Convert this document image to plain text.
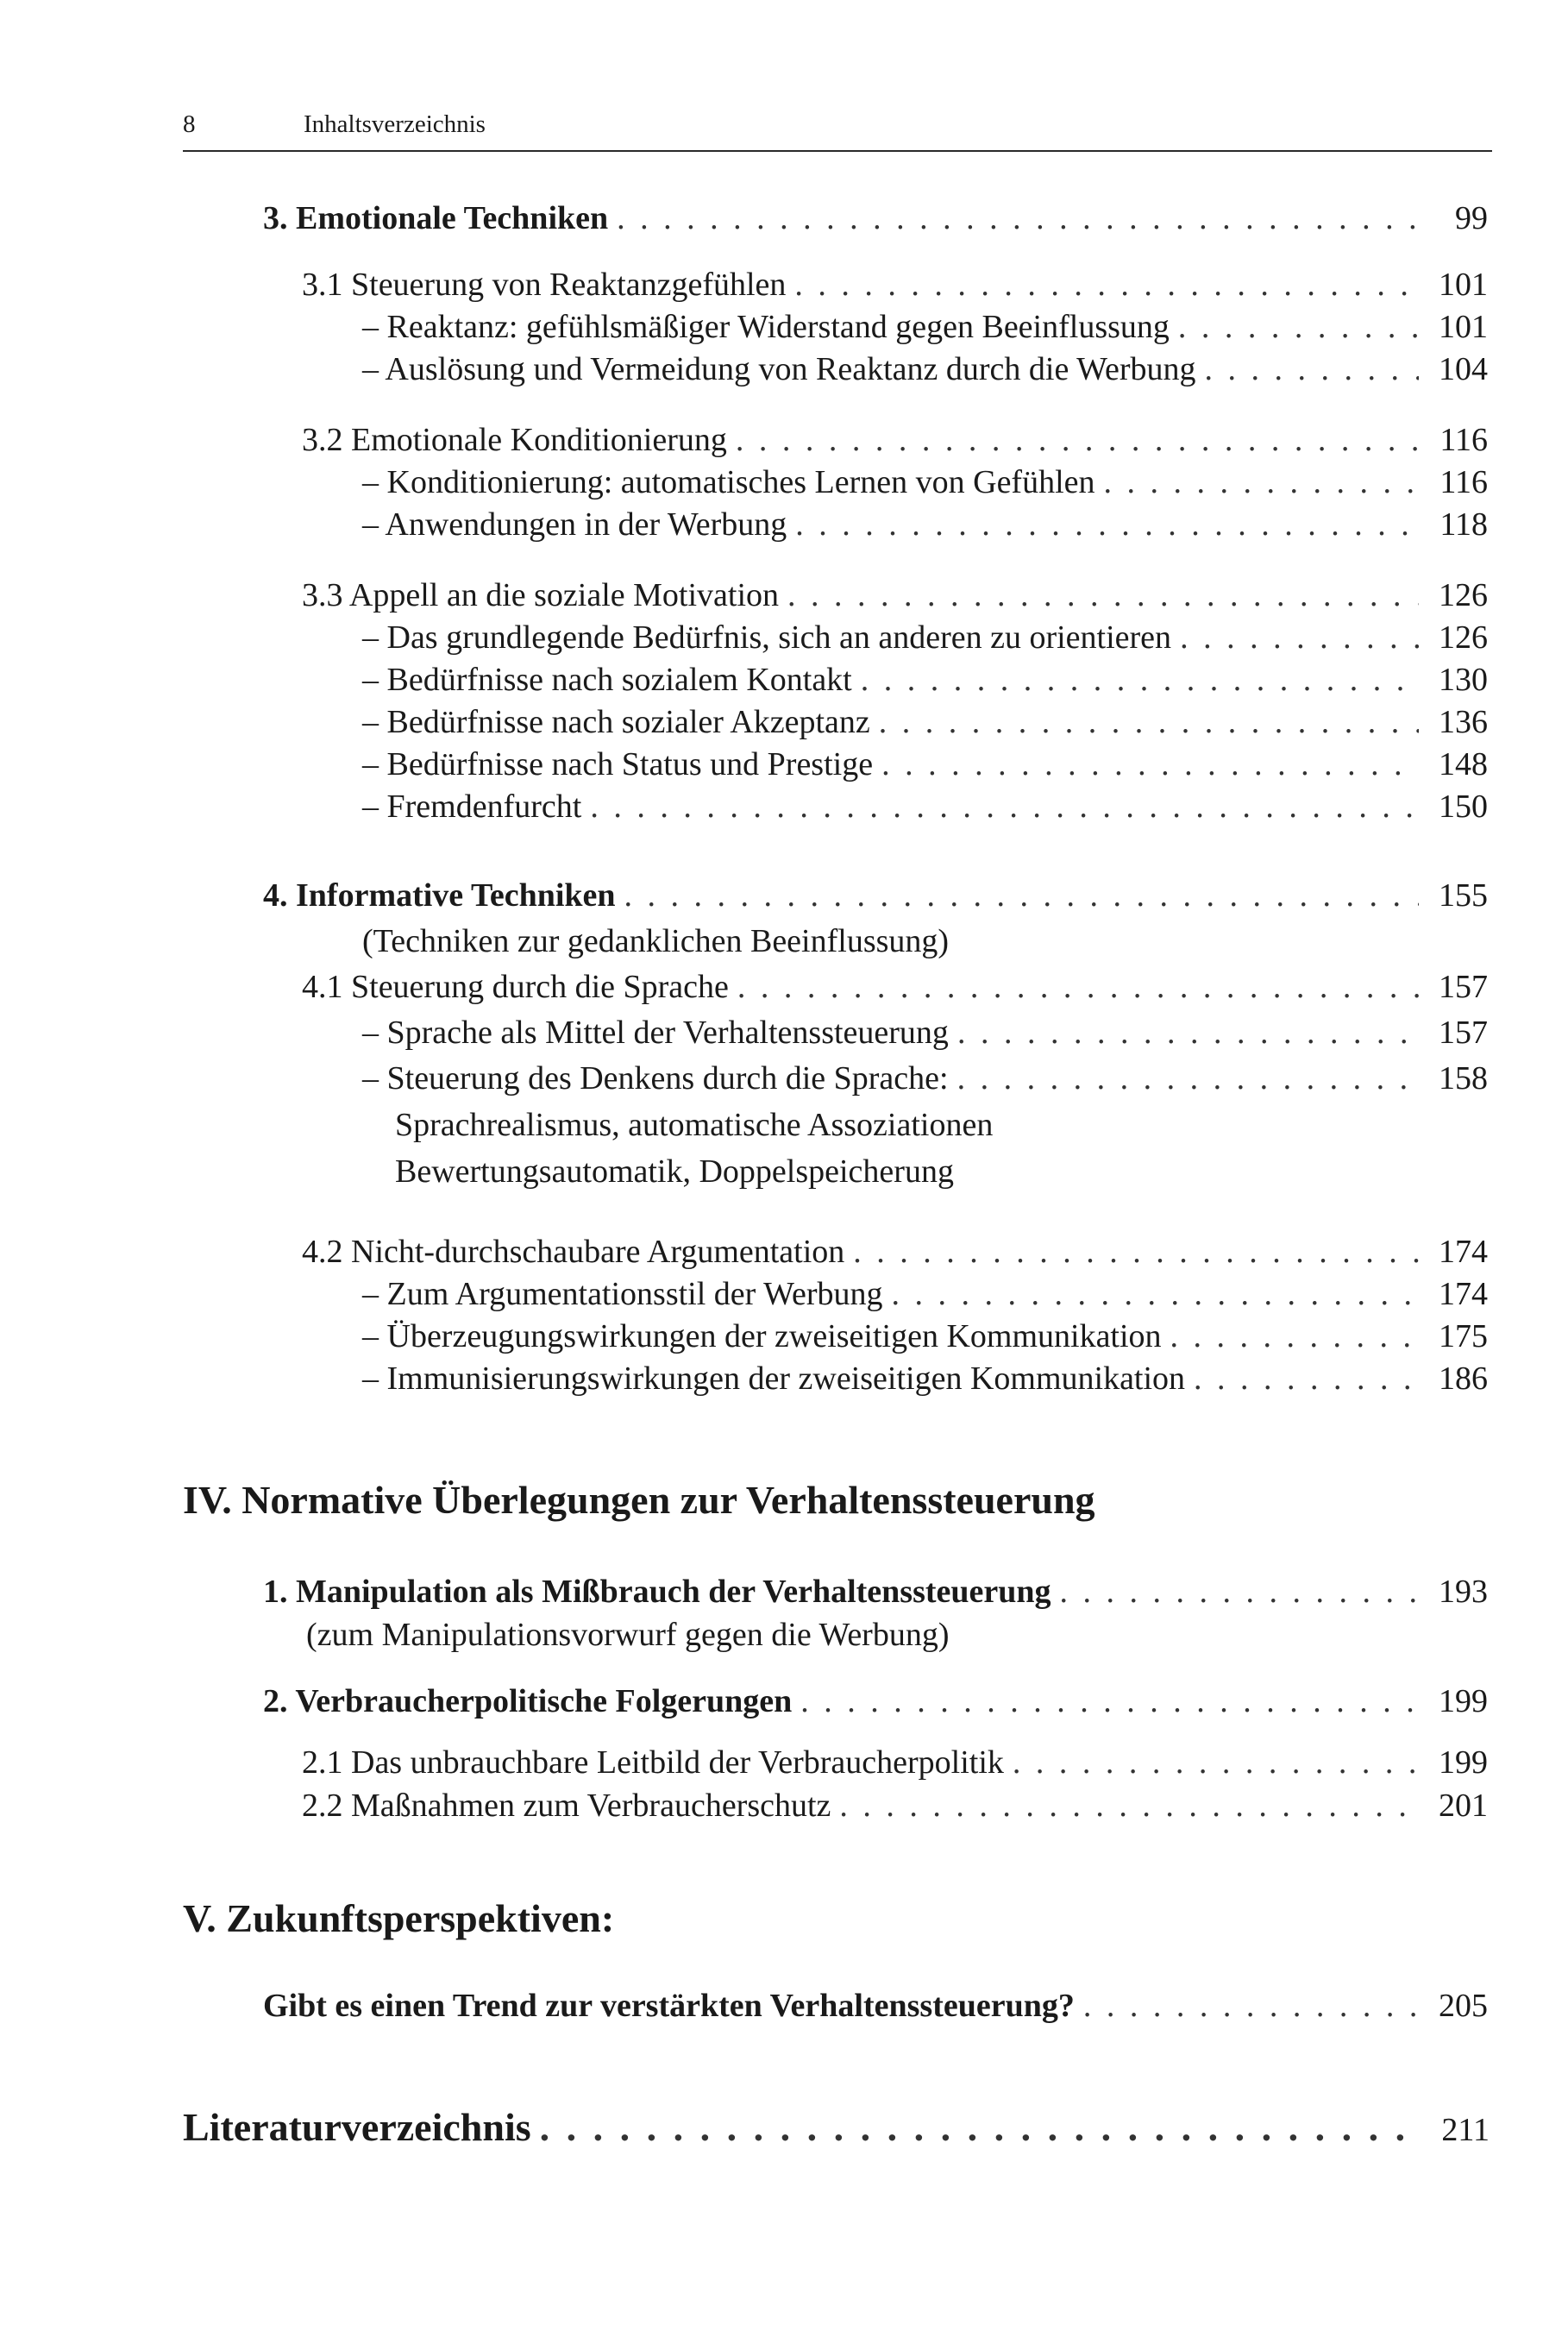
8	Inhaltsverzeichnis
3. Emotionale Techniken . . .	99
3.1 Steuerung von Reaktanzgefühlen . . .	101
– Reaktanz: gefühlsmäßiger Widerstand gegen Beeinflussung . . .	101
– Auslösung und Vermeidung von Reaktanz durch die Werbung . . .	104
3.2 Emotionale Konditionierung . . .	116
– Konditionierung: automatisches Lernen von Gefühlen . . .	116
– Anwendungen in der Werbung . . .	118
3.3 Appell an die soziale Motivation . . .	126
– Das grundlegende Bedürfnis, sich an anderen zu orientieren . . .	126
– Bedürfnisse nach sozialem Kontakt . . .	130
– Bedürfnisse nach sozialer Akzeptanz . . .	136
– Bedürfnisse nach Status und Prestige . . .	148
– Fremdenfurcht . . .	150
4. Informative Techniken . . .	155
(Techniken zur gedanklichen Beeinflussung)
4.1 Steuerung durch die Sprache . . .	157
– Sprache als Mittel der Verhaltenssteuerung . . .	157
– Steuerung des Denkens durch die Sprache: . . .	158
Sprachrealismus, automatische Assoziationen
Bewertungsautomatik, Doppelspeicherung
4.2 Nicht-durchschaubare Argumentation . . .	174
– Zum Argumentationsstil der Werbung . . .	174
– Überzeugungswirkungen der zweiseitigen Kommunikation . . .	175
– Immunisierungswirkungen der zweiseitigen Kommunikation . . .	186
IV. Normative Überlegungen zur Verhaltenssteuerung
1. Manipulation als Mißbrauch der Verhaltenssteuerung . . .	193
(zum Manipulationsvorwurf gegen die Werbung)
2. Verbraucherpolitische Folgerungen . . .	199
2.1 Das unbrauchbare Leitbild der Verbraucherpolitik . . .	199
2.2 Maßnahmen zum Verbraucherschutz . . .	201
V. Zukunftsperspektiven:
Gibt es einen Trend zur verstärkten Verhaltenssteuerung? . . .	205
Literaturverzeichnis . . .	211
